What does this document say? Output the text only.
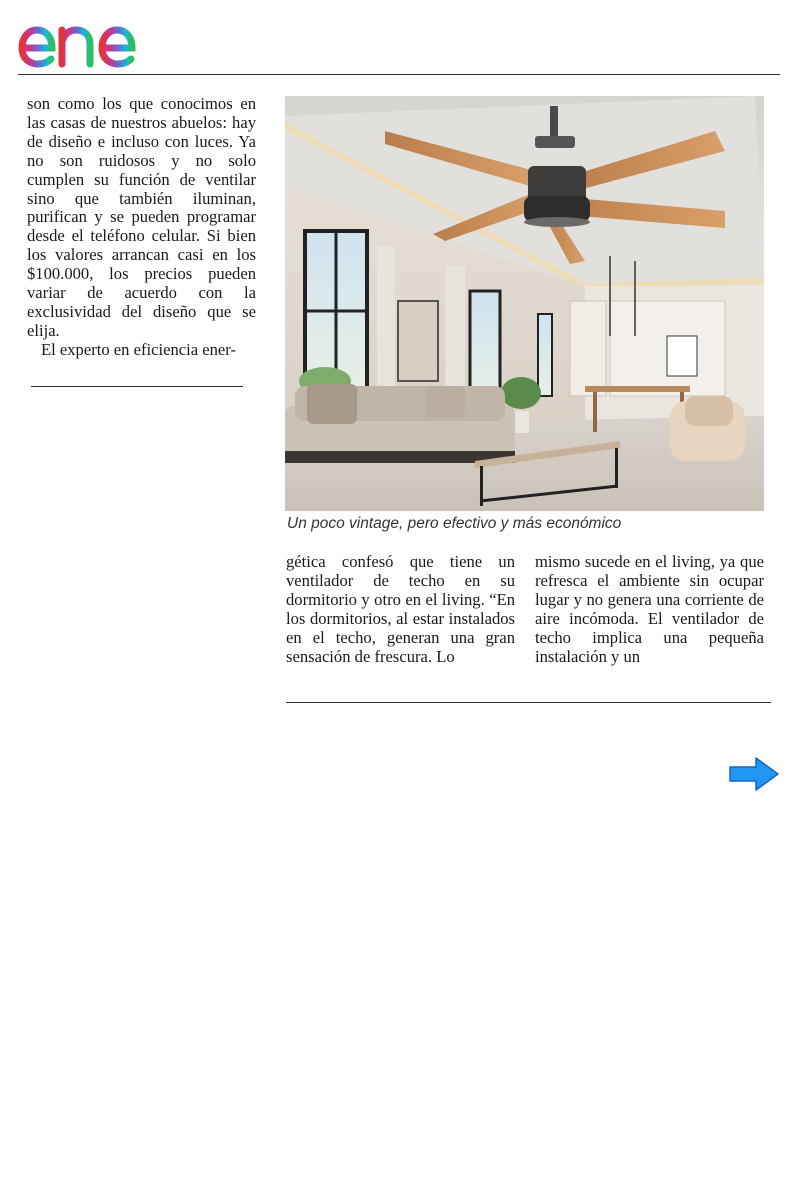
son como los que conocimos en las casas de nuestros abuelos: hay de diseño e incluso con luces. Ya no son ruidosos y no solo cumplen su función de ventilar sino que también iluminan, purifican y se pueden programar desde el teléfono celular. Si bien los valores arrancan casi en los $100.000, los precios pueden variar de acuerdo con la exclusividad del diseño que se elija.

El experto en eficiencia ener-

Un poco vintage, pero efectivo y más económico

gética confesó que tiene un ventilador de techo en su dormitorio y otro en el living. “En los dormitorios, al estar instalados en el techo, generan una gran sensación de frescura. Lo

mismo sucede en el living, ya que refresca el ambiente sin ocupar lugar y no genera una corriente de aire incómoda. El ventilador de techo implica una pequeña instalación y un
